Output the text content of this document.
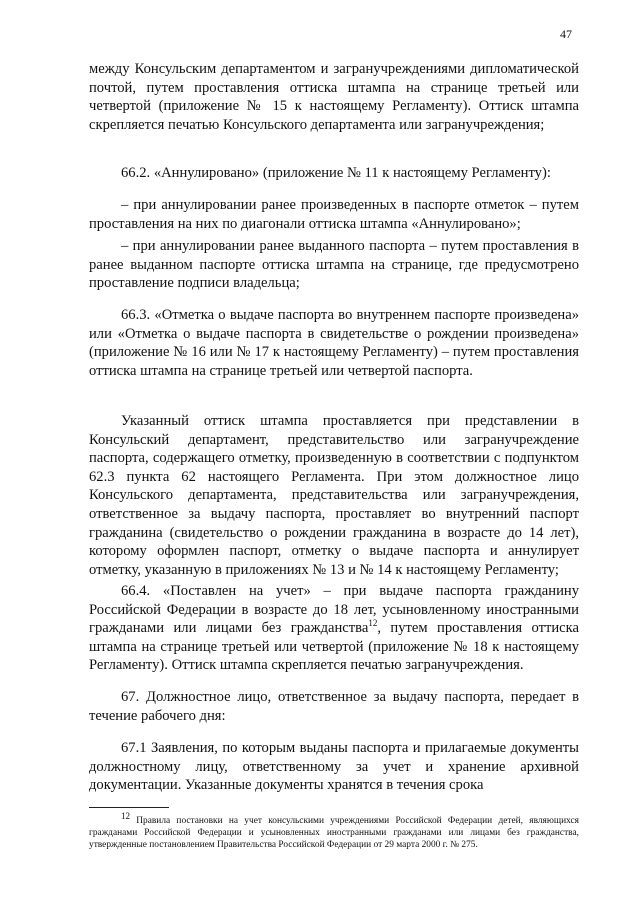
47

между Консульским департаментом и загранучреждениями дипломатической почтой, путем проставления оттиска штампа на странице третьей или четвертой (приложение № 15 к настоящему Регламенту). Оттиск штампа скрепляется печатью Консульского департамента или загранучреждения;

66.2. «Аннулировано» (приложение № 11 к настоящему Регламенту):

– при аннулировании ранее произведенных в паспорте отметок – путем проставления на них по диагонали оттиска штампа «Аннулировано»;

– при аннулировании ранее выданного паспорта – путем проставления в ранее выданном паспорте оттиска штампа на странице, где предусмотрено проставление подписи владельца;

66.3. «Отметка о выдаче паспорта во внутреннем паспорте произведена» или «Отметка о выдаче паспорта в свидетельстве о рождении произведена» (приложение № 16 или № 17 к настоящему Регламенту) – путем проставления оттиска штампа на странице третьей или четвертой паспорта.

Указанный оттиск штампа проставляется при представлении в Консульский департамент, представительство или загранучреждение паспорта, содержащего отметку, произведенную в соответствии с подпунктом 62.3 пункта 62 настоящего Регламента. При этом должностное лицо Консульского департамента, представительства или загранучреждения, ответственное за выдачу паспорта, проставляет во внутренний паспорт гражданина (свидетельство о рождении гражданина в возрасте до 14 лет), которому оформлен паспорт, отметку о выдаче паспорта и аннулирует отметку, указанную в приложениях № 13 и № 14 к настоящему Регламенту;

66.4. «Поставлен на учет» – при выдаче паспорта гражданину Российской Федерации в возрасте до 18 лет, усыновленному иностранными гражданами или лицами без гражданства$^{12}$, путем проставления оттиска штампа на странице третьей или четвертой (приложение № 18 к настоящему Регламенту). Оттиск штампа скрепляется печатью загранучреждения.

67. Должностное лицо, ответственное за выдачу паспорта, передает в течение рабочего дня:

67.1 Заявления, по которым выданы паспорта и прилагаемые документы должностному лицу, ответственному за учет и хранение архивной документации. Указанные документы хранятся в течения срока

$^{12}$ Правила постановки на учет консульскими учреждениями Российской Федерации детей, являющихся гражданами Российской Федерации и усыновленных иностранными гражданами или лицами без гражданства, утвержденные постановлением Правительства Российской Федерации от 29 марта 2000 г. № 275.
